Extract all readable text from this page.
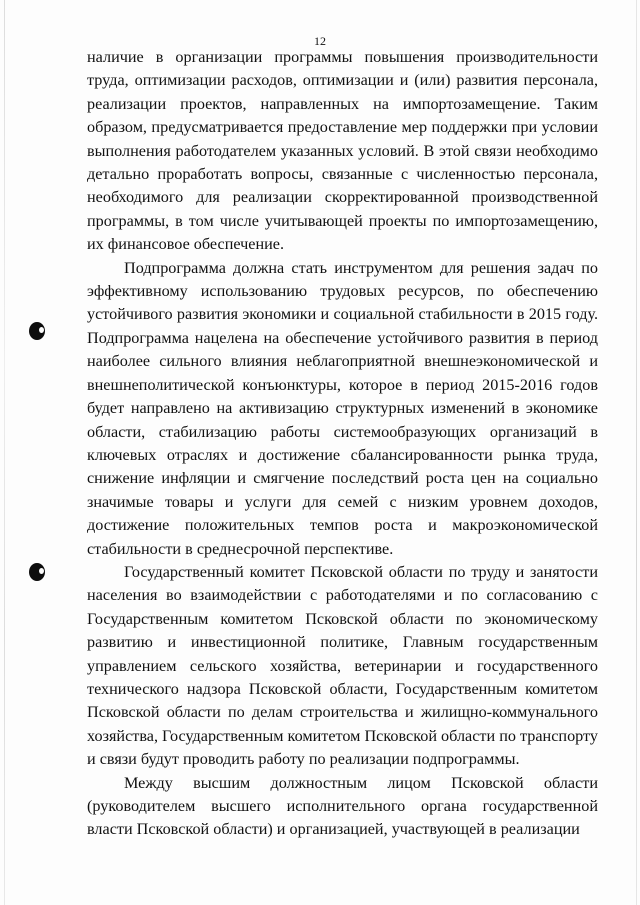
12

наличие в организации программы повышения производительности труда, оптимизации расходов, оптимизации и (или) развития персонала, реализации проектов, направленных на импортозамещение. Таким образом, предусматривается предоставление мер поддержки при условии выполнения работодателем указанных условий. В этой связи необходимо детально проработать вопросы, связанные с численностью персонала, необходимого для реализации скорректированной производственной программы, в том числе учитывающей проекты по импортозамещению, их финансовое обеспечение.

Подпрограмма должна стать инструментом для решения задач по эффективному использованию трудовых ресурсов, по обеспечению устойчивого развития экономики и социальной стабильности в 2015 году. Подпрограмма нацелена на обеспечение устойчивого развития в период наиболее сильного влияния неблагоприятной внешнеэкономической и внешнеполитической конъюнктуры, которое в период 2015-2016 годов будет направлено на активизацию структурных изменений в экономике области, стабилизацию работы системообразующих организаций в ключевых отраслях и достижение сбалансированности рынка труда, снижение инфляции и смягчение последствий роста цен на социально значимые товары и услуги для семей с низким уровнем доходов, достижение положительных темпов роста и макроэкономической стабильности в среднесрочной перспективе.

Государственный комитет Псковской области по труду и занятости населения во взаимодействии с работодателями и по согласованию с Государственным комитетом Псковской области по экономическому развитию и инвестиционной политике, Главным государственным управлением сельского хозяйства, ветеринарии и государственного технического надзора Псковской области, Государственным комитетом Псковской области по делам строительства и жилищно-коммунального хозяйства, Государственным комитетом Псковской области по транспорту и связи будут проводить работу по реализации подпрограммы.

Между высшим должностным лицом Псковской области (руководителем высшего исполнительного органа государственной власти Псковской области) и организацией, участвующей в реализации
